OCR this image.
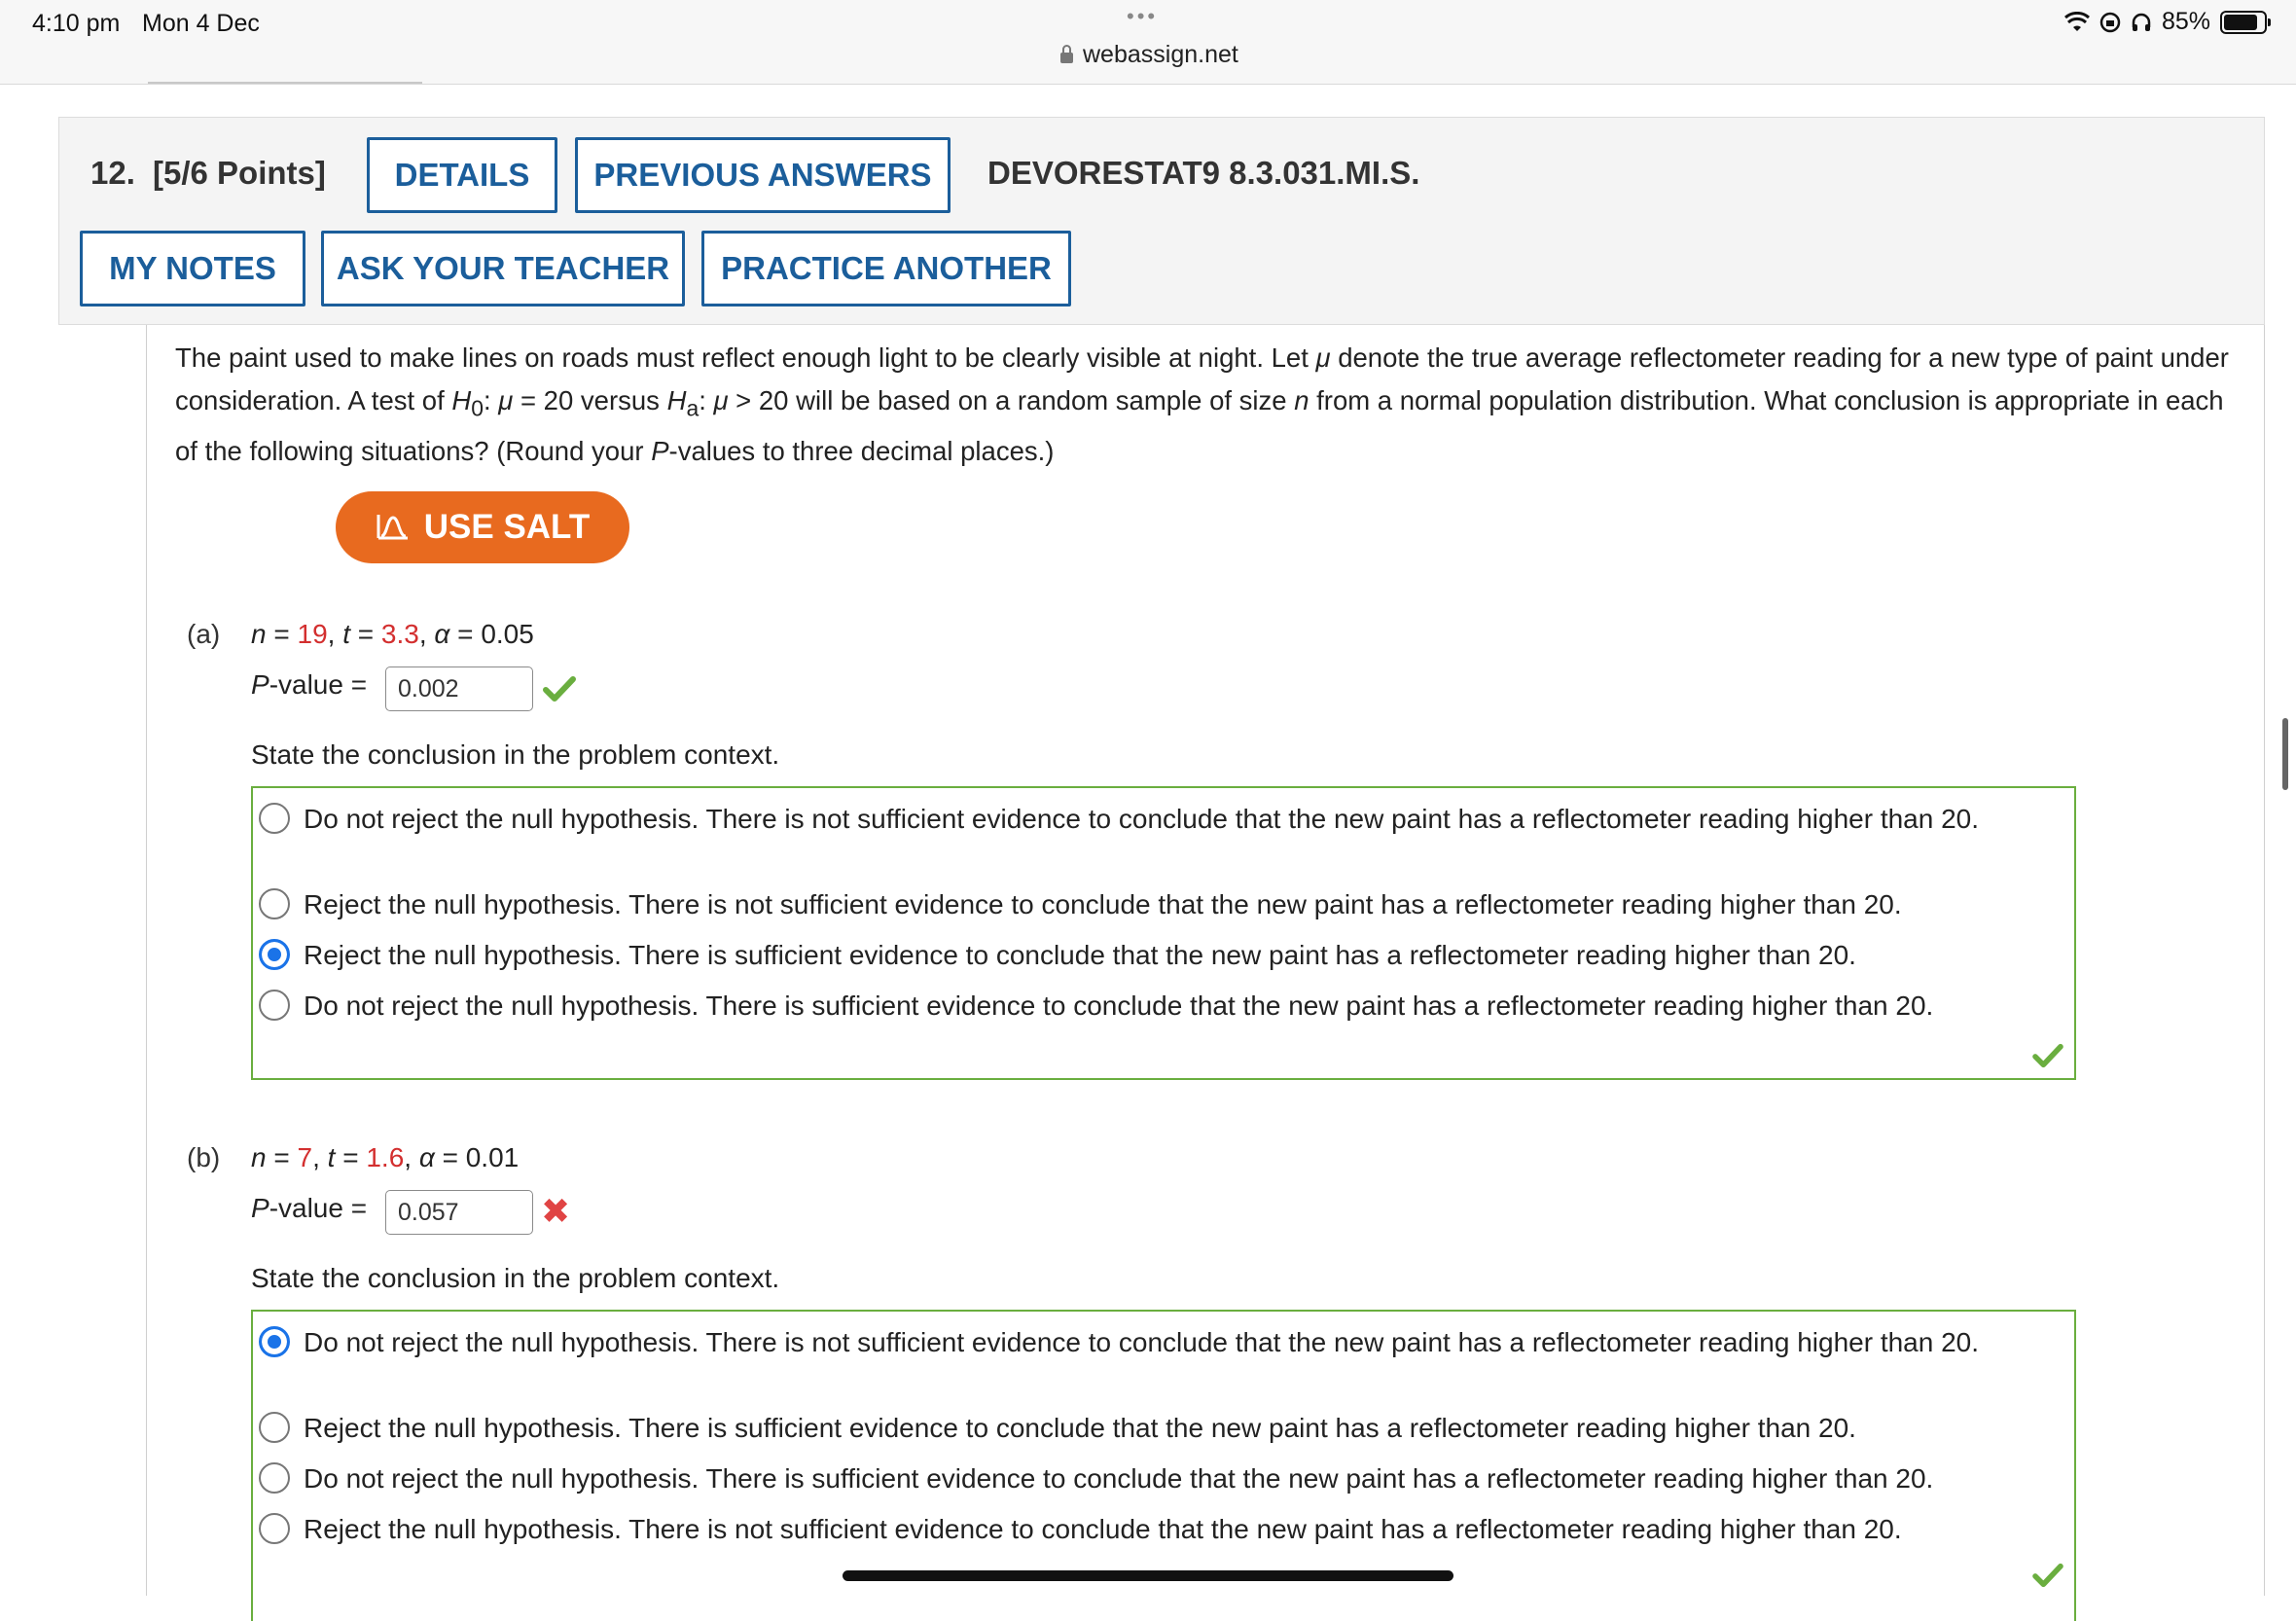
4:10 pm Mon 4 Dec	•••
webassign.net
85%
12. [5/6 Points]	DETAILS	PREVIOUS ANSWERS	DEVORESTAT9 8.3.031.MI.S.
MY NOTES	ASK YOUR TEACHER	PRACTICE ANOTHER
The paint used to make lines on roads must reflect enough light to be clearly visible at night. Let μ denote the true average reflectometer reading for a new type of paint under consideration. A test of $H_0$: μ = 20 versus $H_a$: μ > 20 will be based on a random sample of size n from a normal population distribution. What conclusion is appropriate in each of the following situations? (Round your P-values to three decimal places.)
USE SALT
(a) n = 19, t = 3.3, α = 0.05
P-value =
0.002
State the conclusion in the problem context.
Do not reject the null hypothesis. There is not sufficient evidence to conclude that the new paint has a reflectometer reading higher than 20.
Reject the null hypothesis. There is not sufficient evidence to conclude that the new paint has a reflectometer reading higher than 20.
Reject the null hypothesis. There is sufficient evidence to conclude that the new paint has a reflectometer reading higher than 20.
Do not reject the null hypothesis. There is sufficient evidence to conclude that the new paint has a reflectometer reading higher than 20.
(b) n = 7, t = 1.6, α = 0.01
P-value =
0.057	✖
State the conclusion in the problem context.
Do not reject the null hypothesis. There is not sufficient evidence to conclude that the new paint has a reflectometer reading higher than 20.
Reject the null hypothesis. There is sufficient evidence to conclude that the new paint has a reflectometer reading higher than 20.
Do not reject the null hypothesis. There is sufficient evidence to conclude that the new paint has a reflectometer reading higher than 20.
Reject the null hypothesis. There is not sufficient evidence to conclude that the new paint has a reflectometer reading higher than 20.
